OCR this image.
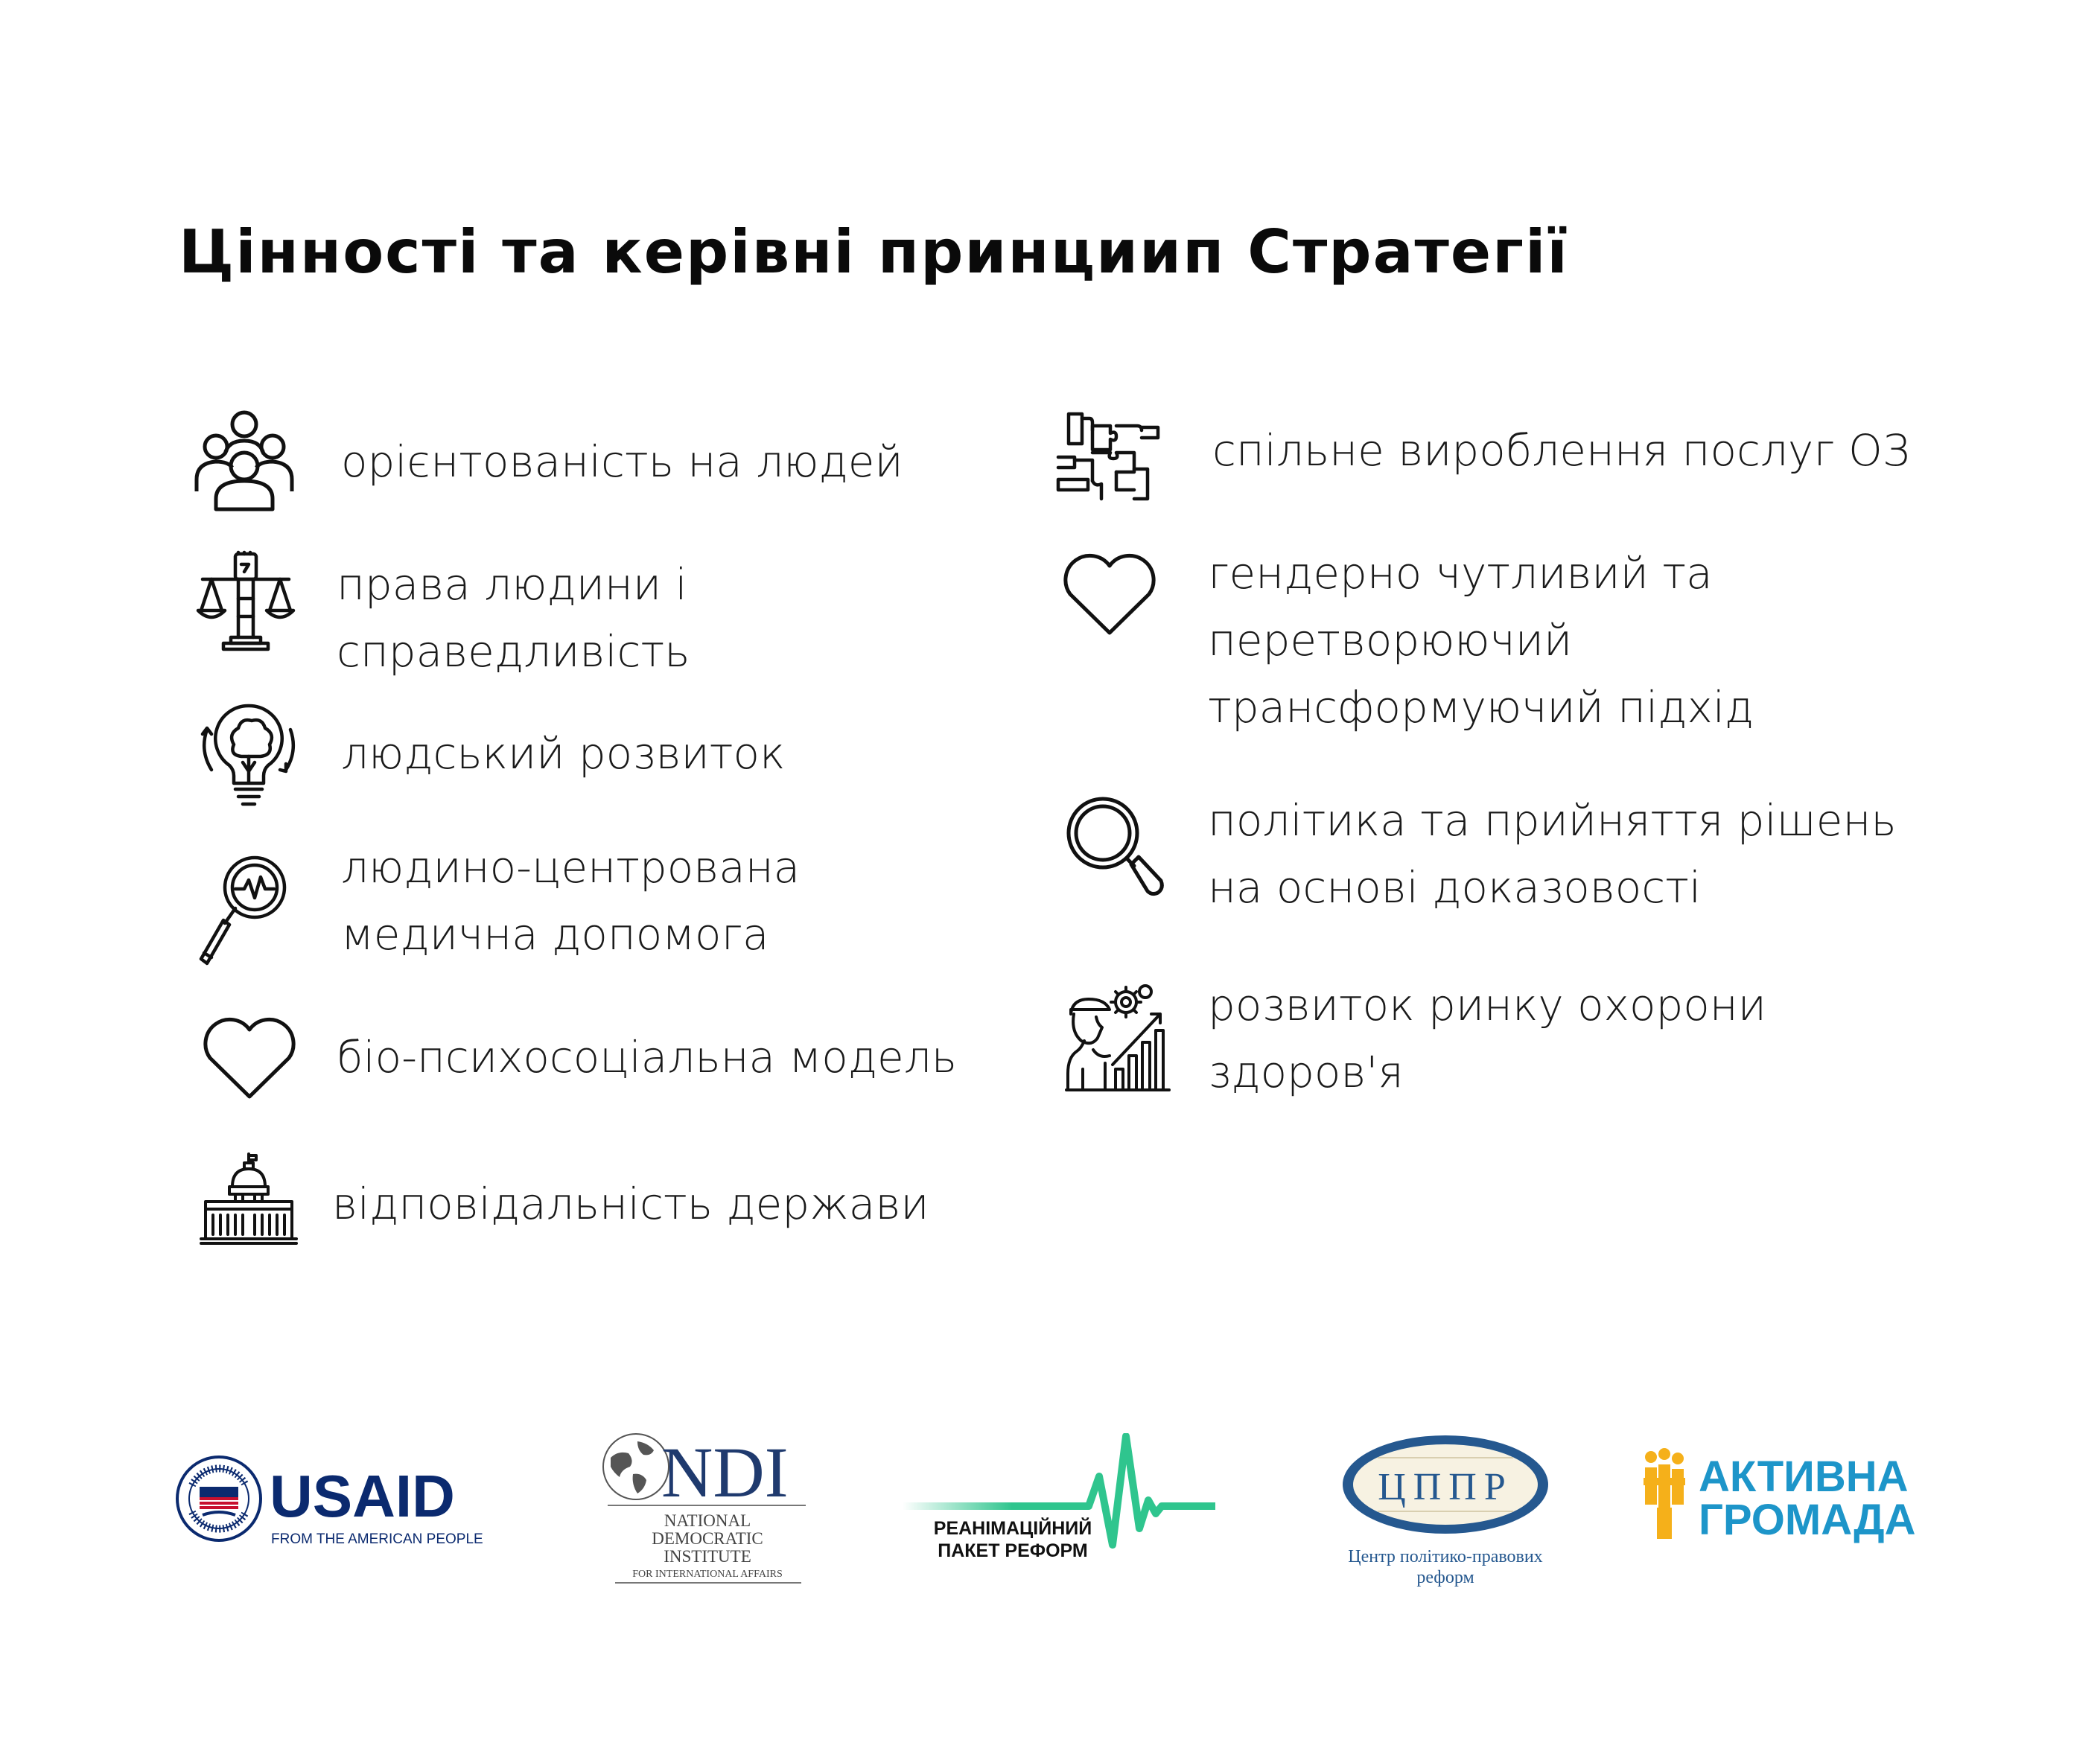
Цінності та керівні принциип Стратегії
орієнтованість на людей
права людини і
справедливість
людський розвиток
людино-центрована
медична допомога
біо-психосоціальна модель
відповідальність держави
спільне вироблення послуг ОЗ
гендерно чутливий та
перетворюючий
трансформуючий підхід
політика та прийняття рішень
на основі доказовості
розвиток ринку охорони
здоров'я
USAID
FROM THE AMERICAN PEOPLE
NDI
NATIONAL
DEMOCRATIC
INSTITUTE
FOR INTERNATIONAL AFFAIRS
РЕАНІМАЦІЙНИЙ
ПАКЕТ РЕФОРМ
ЦППР
Центр політико-правових
реформ
АКТИВНА
ГРОМАДА
